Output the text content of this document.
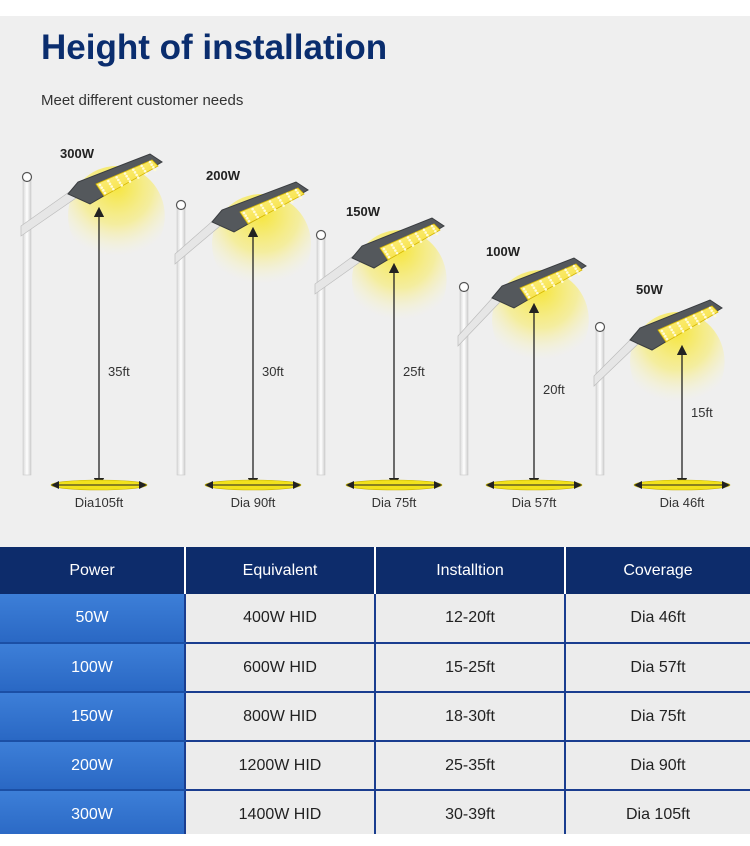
Height of installation
Meet different customer needs
300W
35ft
Dia105ft
200W
30ft
Dia 90ft
150W
25ft
Dia 75ft
100W
20ft
Dia 57ft
50W
15ft
Dia 46ft
Power	Equivalent	Installtion	Coverage
50W	400W HID	12-20ft	Dia 46ft
100W	600W HID	15-25ft	Dia 57ft
150W	800W HID	18-30ft	Dia 75ft
200W	1200W HID	25-35ft	Dia 90ft
300W	1400W HID	30-39ft	Dia 105ft
